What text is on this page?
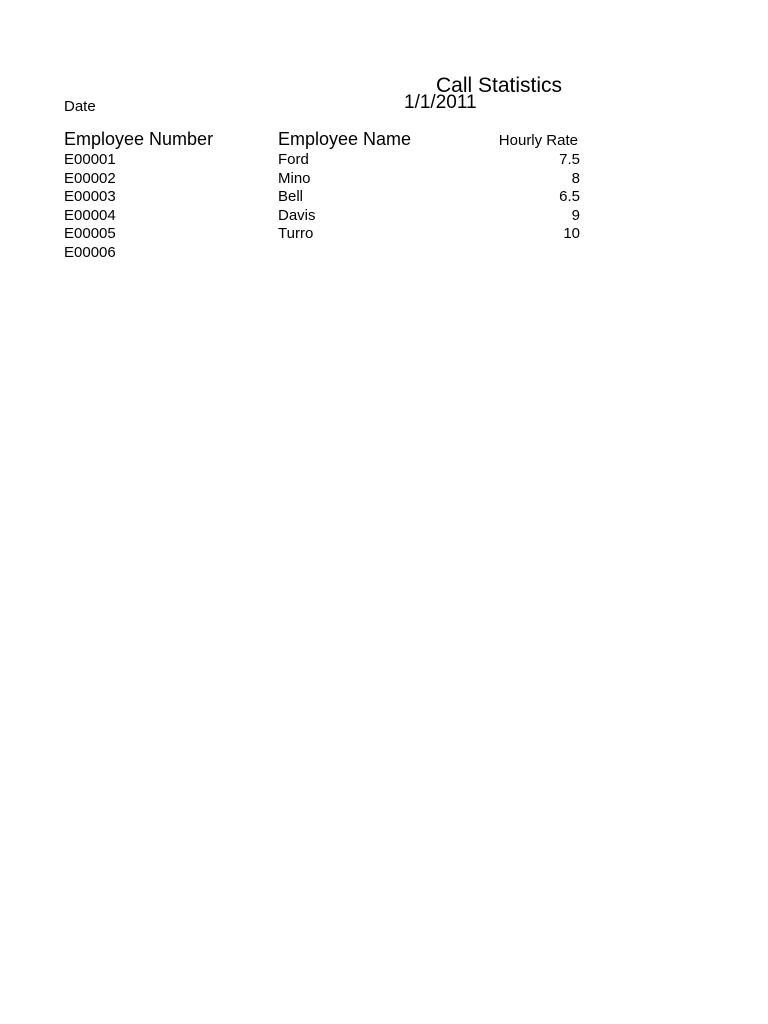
Call Statistics
Date	1/1/2011
Employee Number	Employee Name	Hourly Rate
E00001	Ford	7.5
E00002	Mino	8
E00003	Bell	6.5
E00004	Davis	9
E00005	Turro	10
E00006
